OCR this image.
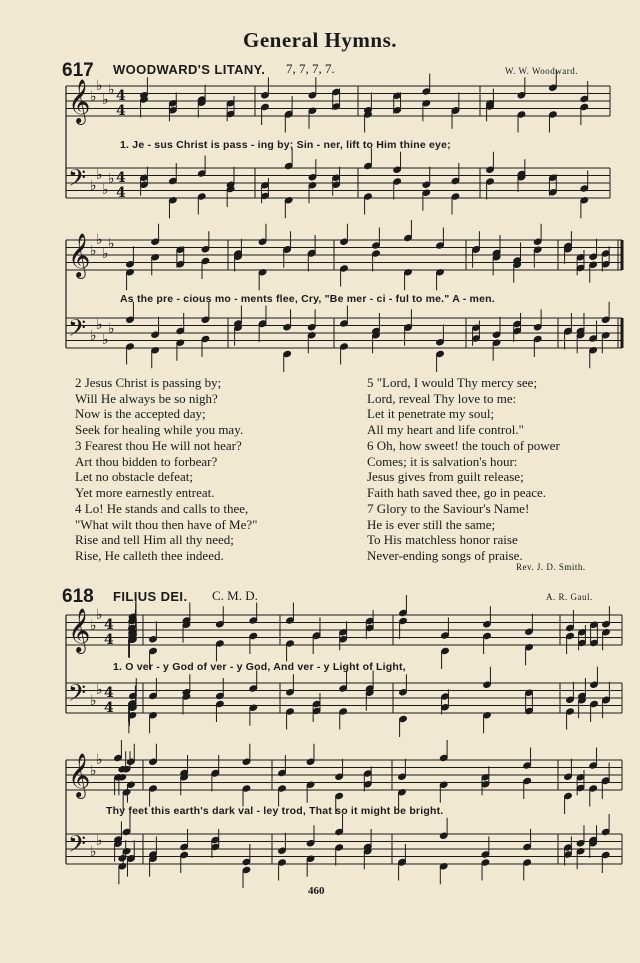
General Hymns.
617 WOODWARD'S LITANY. 7, 7, 7, 7.	W. W. Woodward.
𝄞 ♭
♭
♭
♭ 4
4
𝄢 ♭
♭
♭
♭ 4
4
𝄞 ♭
♭
♭
♭
𝄢 ♭
♭
♭
♭
𝄞 ♭
♭
4
4
𝄢 ♭
♭ 4
4
𝄞 ♭
♭
𝄢 ♭
♭
1. Je - sus Christ is pass - ing by; Sin - ner, lift to Him thine eye;
As the pre - cious mo - ments flee, Cry, "Be mer - ci - ful to me." A - men.
2 Jesus Christ is passing by;
Will He always be so nigh?
Now is the accepted day;
Seek for healing while you may.
3 Fearest thou He will not hear?
Art thou bidden to forbear?
Let no obstacle defeat;
Yet more earnestly entreat.
4 Lo! He stands and calls to thee,
"What wilt thou then have of Me?"
Rise and tell Him all thy need;
Rise, He calleth thee indeed.
5 "Lord, I would Thy mercy see;
Lord, reveal Thy love to me:
Let it penetrate my soul;
All my heart and life control."
6 Oh, how sweet! the touch of power
Comes; it is salvation's hour:
Jesus gives from guilt release;
Faith hath saved thee, go in peace.
7 Glory to the Saviour's Name!
He is ever still the same;
To His matchless honor raise
Never-ending songs of praise.
Rev. J. D. Smith.
618 FILIUS DEI. C. M. D.	A. R. Gaul.
1. O ver - y God of ver - y God, And ver - y Light of Light,
Thy feet this earth's dark val - ley trod, That so it might be bright.
460
